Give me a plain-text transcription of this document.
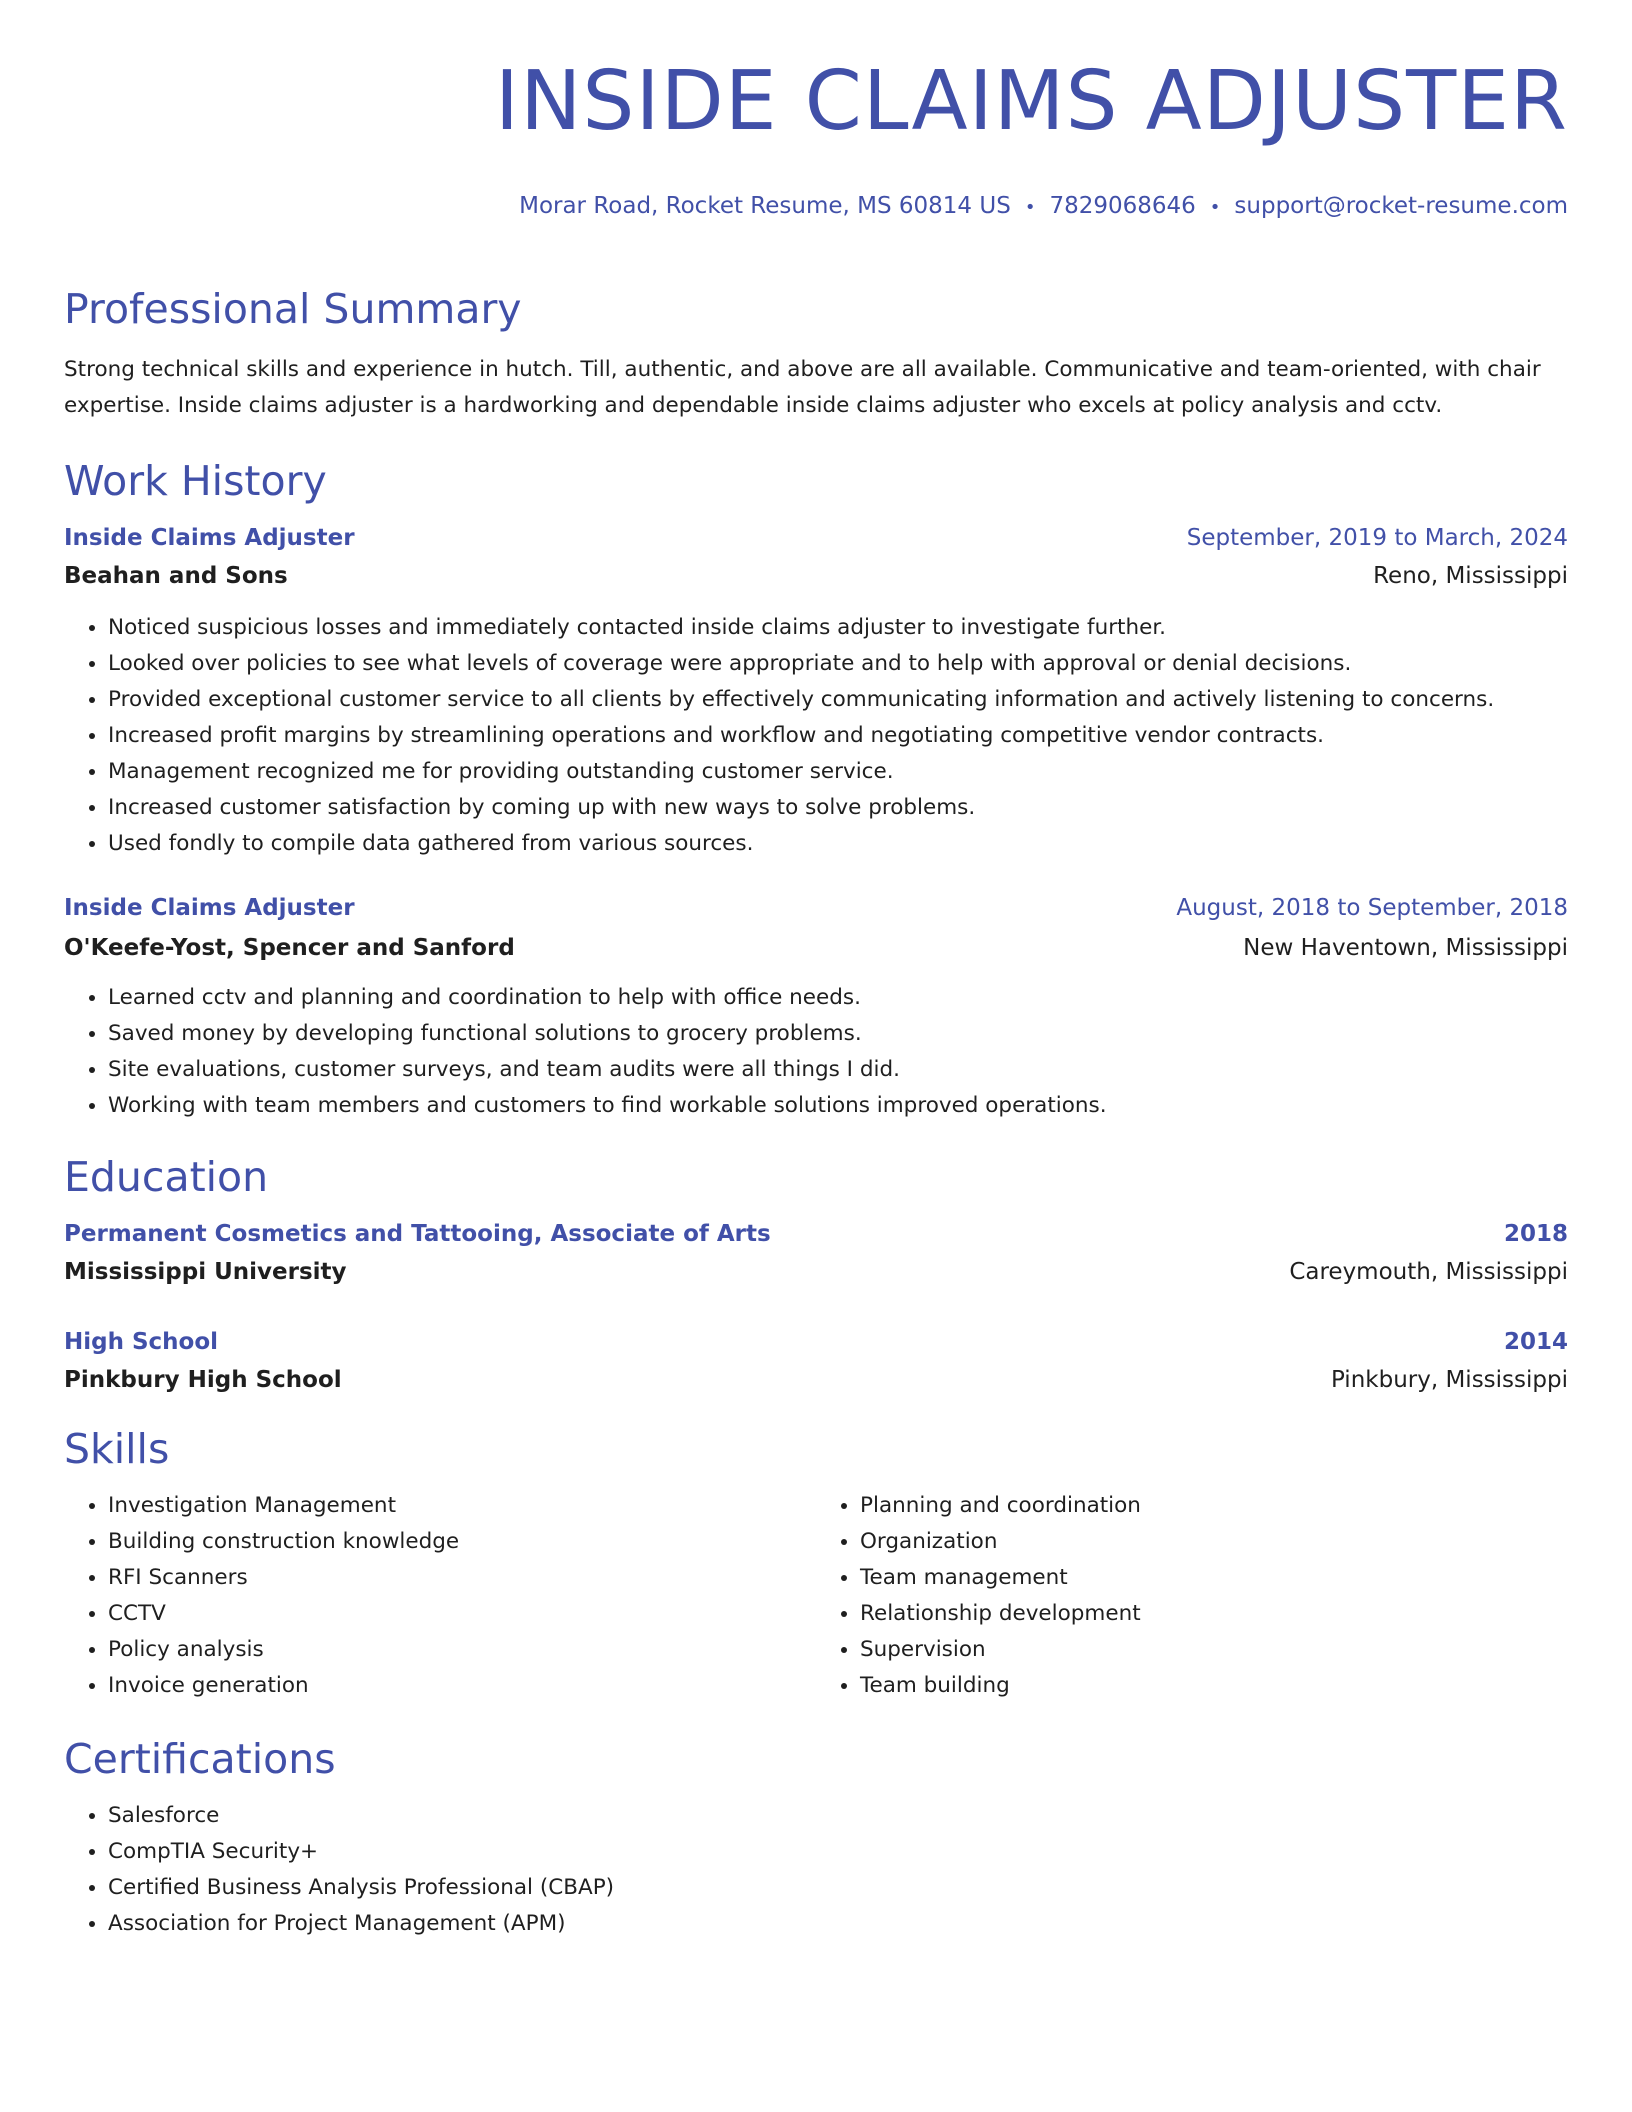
INSIDE CLAIMS ADJUSTER
Morar Road, Rocket Resume, MS 60814 US • 7829068646 • support@rocket-resume.com
Professional Summary

Strong technical skills and experience in hutch. Till, authentic, and above are all available. Communicative and team-oriented, with chair expertise. Inside claims adjuster is a hardworking and dependable inside claims adjuster who excels at policy analysis and cctv.

Work History
Inside Claims Adjuster	September, 2019 to March, 2024
Beahan and Sons	Reno, Mississippi
• Noticed suspicious losses and immediately contacted inside claims adjuster to investigate further.
• Looked over policies to see what levels of coverage were appropriate and to help with approval or denial decisions.
• Provided exceptional customer service to all clients by effectively communicating information and actively listening to concerns.
• Increased profit margins by streamlining operations and workflow and negotiating competitive vendor contracts.
• Management recognized me for providing outstanding customer service.
• Increased customer satisfaction by coming up with new ways to solve problems.
• Used fondly to compile data gathered from various sources.
Inside Claims Adjuster	August, 2018 to September, 2018
O'Keefe-Yost, Spencer and Sanford	New Haventown, Mississippi
• Learned cctv and planning and coordination to help with office needs.
• Saved money by developing functional solutions to grocery problems.
• Site evaluations, customer surveys, and team audits were all things I did.
• Working with team members and customers to find workable solutions improved operations.
Education
Permanent Cosmetics and Tattooing, Associate of Arts	2018
Mississippi University	Careymouth, Mississippi
High School	2014
Pinkbury High School	Pinkbury, Mississippi
Skills
• Investigation Management
• Building construction knowledge
• RFI Scanners
• CCTV
• Policy analysis
• Invoice generation
• Planning and coordination
• Organization
• Team management
• Relationship development
• Supervision
• Team building
Certifications
• Salesforce
• CompTIA Security+
• Certified Business Analysis Professional (CBAP)
• Association for Project Management (APM)
